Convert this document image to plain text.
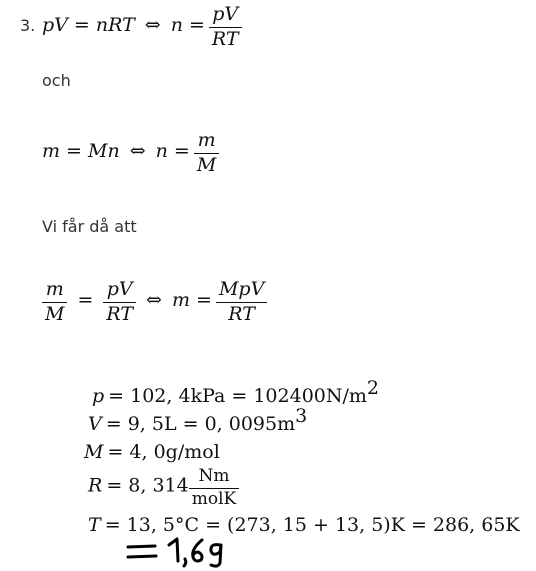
3. pV = nRT ⇔ $n = \frac{pV}{RT}$
och
m = Mn ⇔ $n = \frac{m}{M}$
Vi får då att
$\frac{m}{M} = \frac{pV}{RT}$ ⇔ $m = \frac{\text{MpV}}{RT}$
p = 102, $4kPa = 102400N/m^2$
V = 9, 5L = 0, $0095m^3$
M = 4, 0g/mol
R = 8, $314 \frac{Nm}{\text{molK}}$
T = 13, 5°C = (273, 15 + 13, 5)K = 286, 65K
